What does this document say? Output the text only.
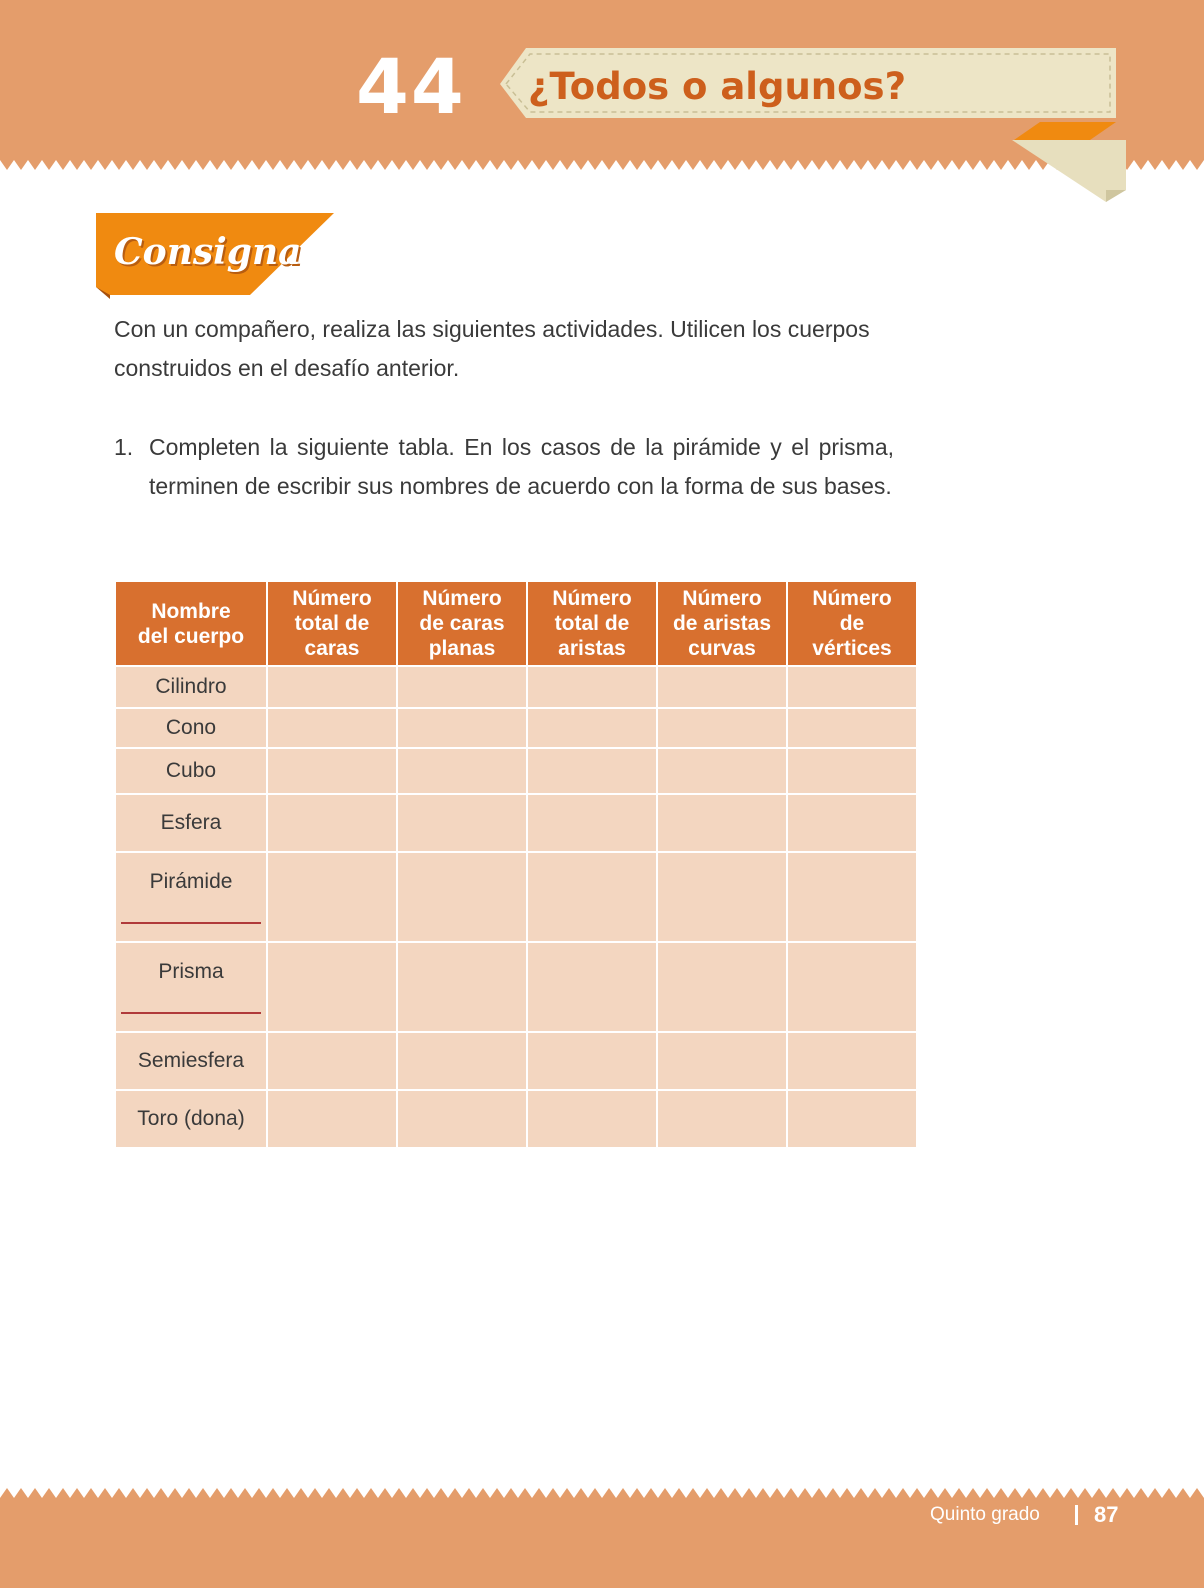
44 ¿Todos o algunos?
Consigna

Con un compañero, realiza las siguientes actividades. Utilicen los cuerpos construidos en el desafío anterior.

1. Completen la siguiente tabla. En los casos de la pirámide y el prisma, terminen de escribir sus nombres de acuerdo con la forma de sus bases.
Nombre
del cuerpo	Número
total de
caras	Número
de caras
planas	Número
total de
aristas	Número
de aristas
curvas	Número
de
vértices
Cilindro					
Cono					
Cubo					
Esfera					
Pirámide

Prisma

Semiesfera					
Toro (dona)					
Quinto grado 87
